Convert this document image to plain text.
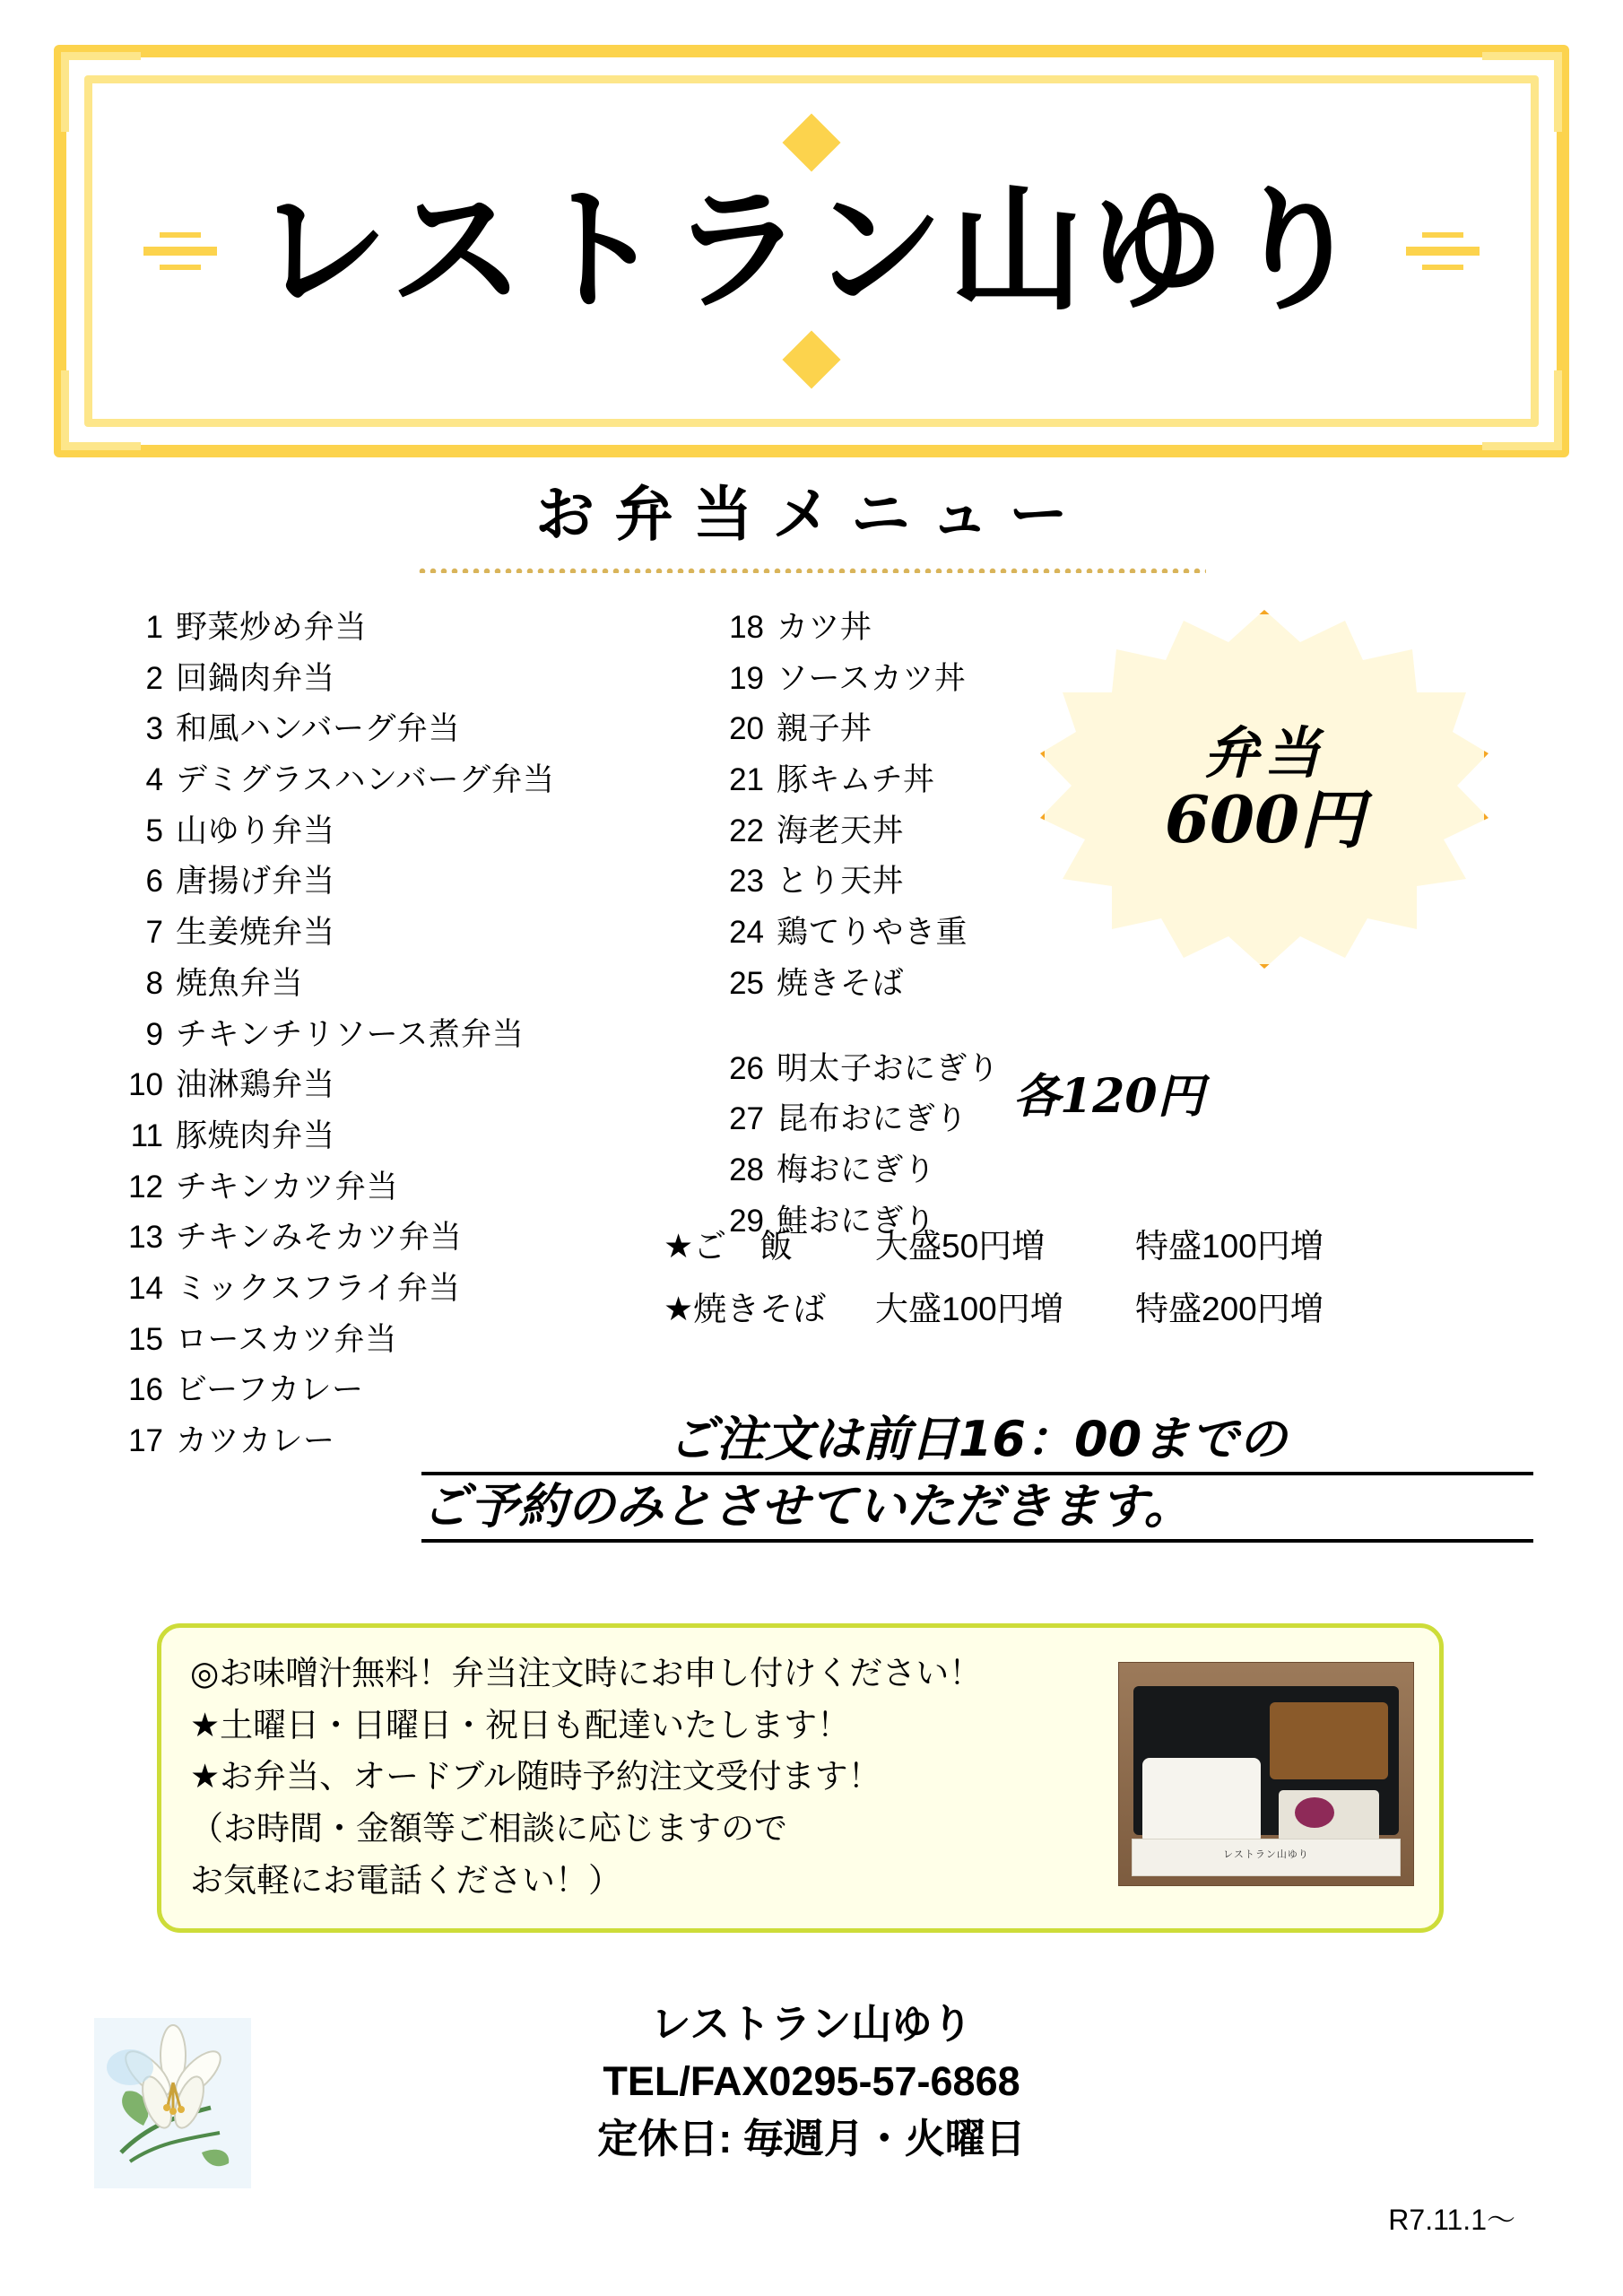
レストラン山ゆり
お弁当メニュー
1 野菜炒め弁当
2 回鍋肉弁当
3 和風ハンバーグ弁当
4 デミグラスハンバーグ弁当
5 山ゆり弁当
6 唐揚げ弁当
7 生姜焼弁当
8 焼魚弁当
9 チキンチリソース煮弁当
10 油淋鶏弁当
11 豚焼肉弁当
12 チキンカツ弁当
13 チキンみそカツ弁当
14 ミックスフライ弁当
15 ロースカツ弁当
16 ビーフカレー
17 カツカレー
18 カツ丼
19 ソースカツ丼
20 親子丼
21 豚キムチ丼
22 海老天丼
23 とり天丼
24 鶏てりやき重
25 焼きそば
26 明太子おにぎり
27 昆布おにぎり
28 梅おにぎり
29 鮭おにぎり
弁当
600円
各120円
★ご　飯 大盛50円増	特盛100円増
★焼きそば 大盛100円増 特盛200円増
ご注文は前日16：00までの
ご予約のみとさせていただきます。
◎お味噌汁無料！弁当注文時にお申し付けください！
★土曜日・日曜日・祝日も配達いたします！
★お弁当、オードブル随時予約注文受付ます！
（お時間・金額等ご相談に応じますので
お気軽にお電話ください！）
レストラン山ゆり
レストラン山ゆり
TEL/FAX0295-57-6868
定休日: 毎週月・火曜日
R7.11.1〜
